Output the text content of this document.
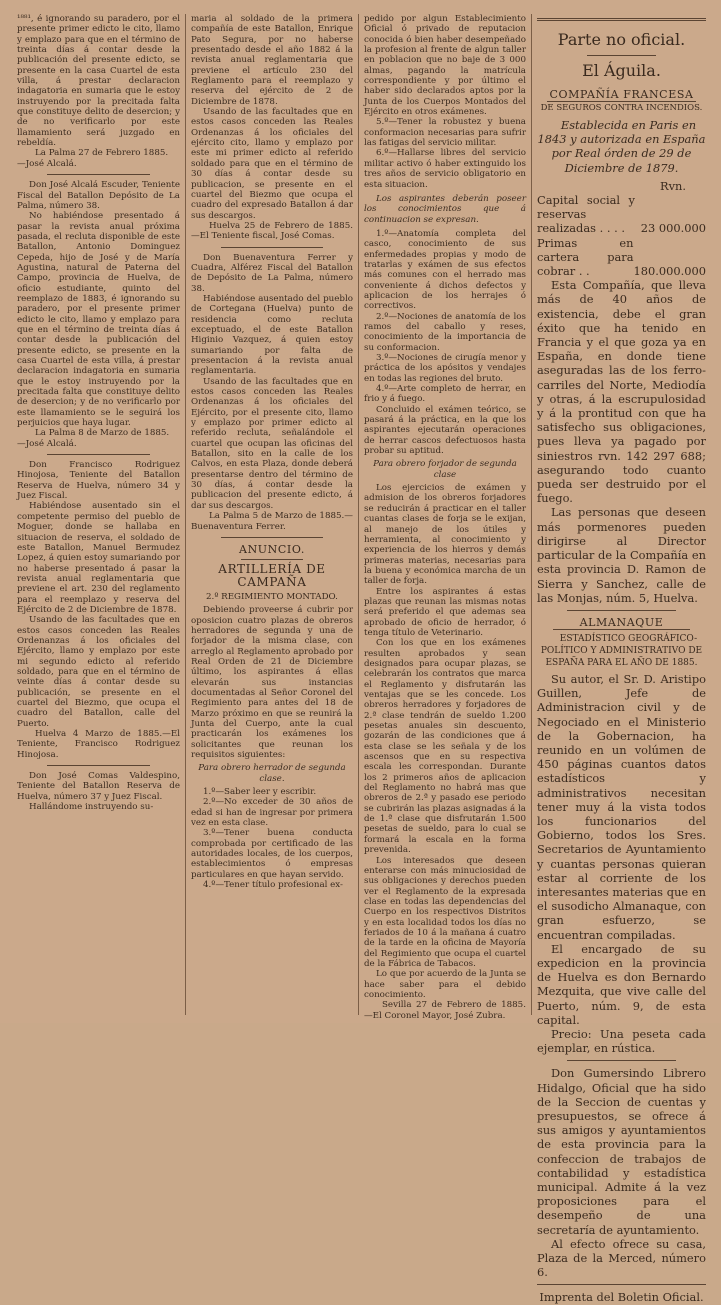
¹⁸⁸¹, é ignorando su paradero, por el presente primer edicto le cito, llamo y emplazo para que en el término de treinta días á contar desde la publicación del presente edicto, se presente en la casa Cuartel de esta villa, á prestar declaracion indagatoria en sumaria que le estoy instruyendo por la precitada falta que constituye delito de desercion; y de no verificarlo por este llamamiento será juzgado en rebeldía.

La Palma 27 de Febrero 1885.

—José Alcalá.

Don José Alcalá Escuder, Teniente Fiscal del Batallon Depósito de La Palma, número 38.

No habiéndose presentado á pasar la revista anual próxima pasada, el recluta disponible de este Batallon, Antonio Dominguez Cepeda, hijo de José y de María Agustina, natural de Paterna del Campo, provincia de Huelva, de oficio estudiante, quinto del reemplazo de 1883, é ignorando su paradero, por el presente primer edicto le cito, llamo y emplazo para que en el término de treinta días á contar desde la publicación del presente edicto, se presente en la casa Cuartel de esta villa, á prestar declaracion indagatoria en sumaria que le estoy instruyendo por la precitada falta que constituye delito de desercion; y de no verificarlo por este llamamiento se le seguirá los perjuicios que haya lugar.

La Palma 8 de Marzo de 1885.

—José Alcalá.

Don Francisco Rodriguez Hinojosa, Teniente del Batallon Reserva de Huelva, número 34 y Juez Fiscal.

Habiéndose ausentado sin el competente permiso del pueblo de Moguer, donde se hallaba en situacion de reserva, el soldado de este Batallon, Manuel Bermudez Lopez, á quien estoy sumariando por no haberse presentado á pasar la revista anual reglamentaria que previene el art. 230 del reglamento para el reemplazo y reserva del Ejército de 2 de Diciembre de 1878.

Usando de las facultades que en estos casos conceden las Reales Ordenanzas á los oficiales del Ejército, llamo y emplazo por este mi segundo edicto al referido soldado, para que en el término de veinte días á contar desde su publicación, se presente en el cuartel del Biezmo, que ocupa el cuadro del Batallon, calle del Puerto.

Huelva 4 Marzo de 1885.—El Teniente, Francisco Rodriguez Hinojosa.

Don José Comas Valdespino, Teniente del Batallon Reserva de Huelva, número 37 y Juez Fiscal.

Hallándome instruyendo su-

maria al soldado de la primera compañía de este Batallon, Enrique Pato Segura, por no haberse presentado desde el año 1882 á la revista anual reglamentaria que previene el artículo 230 del Reglamento para el reemplazo y reserva del ejército de 2 de Diciembre de 1878.

Usando de las facultades que en estos casos conceden las Reales Ordenanzas á los oficiales del ejército cito, llamo y emplazo por este mi primer edicto al referido soldado para que en el término de 30 días á contar desde su publicacion, se presente en el cuartel del Biezmo que ocupa el cuadro del expresado Batallon á dar sus descargos.

Huelva 25 de Febrero de 1885.—El Teniente fiscal, José Comas.

Don Buenaventura Ferrer y Cuadra, Alférez Fiscal del Batallon de Depósito de La Palma, número 38.

Habiéndose ausentado del pueblo de Cortegana (Huelva) punto de residencia como recluta exceptuado, el de este Batallon Higinio Vazquez, á quien estoy sumariando por falta de presentacion á la revista anual reglamentaria.

Usando de las facultades que en estos casos conceden las Reales Ordenanzas á los oficiales del Ejército, por el presente cito, llamo y emplazo por primer edicto al referido recluta, señalándole el cuartel que ocupan las oficinas del Batallon, sito en la calle de los Calvos, en esta Plaza, donde deberá presentarse dentro del término de 30 días, á contar desde la publicacion del presente edicto, á dar sus descargos.

La Palma 5 de Marzo de 1885.—Buenaventura Ferrer.

ANUNCIO.
ARTILLERÍA DE CAMPAÑA

2.º REGIMIENTO MONTADO.

Debiendo proveerse á cubrir por oposicion cuatro plazas de obreros herradores de segunda y una de forjador de la misma clase, con arreglo al Reglamento aprobado por Real Orden de 21 de Diciembre último, los aspirantes á ellas elevarán sus instancias documentadas al Señor Coronel del Regimiento para antes del 18 de Marzo próximo en que se reunirá la Junta del Cuerpo, ante la cual practicarán los exámenes los solicitantes que reunan los requisitos siguientes:

Para obrero herrador de segunda clase.

1.º—Saber leer y escribir.

2.º—No exceder de 30 años de edad si han de ingresar por primera vez en esta clase.

3.º—Tener buena conducta comprobada por certificado de las autoridades locales, de los cuerpos, establecimientos ó empresas particulares en que hayan servido.

4.º—Tener título profesional ex-

pedido por algun Establecimiento Oficial ó privado de reputacion conocida ó bien haber desempeñado la profesion al frente de algun taller en poblacion que no baje de 3 000 almas, pagando la matrícula correspondiente y por último el haber sido declarados aptos por la Junta de los Cuerpos Montados del Ejército en otros exámenes.

5.º—Tener la robustez y buena conformacion necesarias para sufrir las fatigas del servicio militar.

6.º—Hallarse libres del servicio militar activo ó haber extinguido los tres años de servicio obligatorio en esta situacion.

Los aspirantes deberán poseer los conocimientos que á continuacion se expresan.

1.º—Anatomía completa del casco, conocimiento de sus enfermedades propias y modo de tratarlas y exámen de sus efectos más comunes con el herrado mas conveniente á dichos defectos y aplicacion de los herrajes ó correctivos.

2.º—Nociones de anatomía de los ramos del caballo y reses, conocimiento de la importancia de su conformacion.

3.º—Nociones de cirugía menor y práctica de los apósitos y vendajes en todas las regiones del bruto.

4.º—Arte completo de herrar, en frio y á fuego.

Concluido el exámen teórico, se pasará á la práctica, en la que los aspirantes ejecutarán operaciones de herrar cascos defectuosos hasta probar su aptitud.

Para obrero forjador de segunda clase

Los ejercicios de exámen y admision de los obreros forjadores se reducirán á practicar en el taller cuantas clases de forja se le exijan, al manejo de los útiles y herramienta, al conocimiento y experiencia de los hierros y demás primeras materias, necesarias para la buena y económica marcha de un taller de forja.

Entre los aspirantes á estas plazas que reunan las mismas notas será preferido el que ademas sea aprobado de oficio de herrador, ó tenga título de Veterinario.

Con los que en los exámenes resulten aprobados y sean designados para ocupar plazas, se celebrarán los contratos que marca el Reglamento y disfrutarán las ventajas que se les concede. Los obreros herradores y forjadores de 2.ª clase tendrán de sueldo 1.200 pesetas anuales sin descuento, gozarán de las condiciones que á esta clase se les señala y de los ascensos que en su respectiva escala les correspondan. Durante los 2 primeros años de aplicacion del Reglamento no habrá mas que obreros de 2.ª y pasado ese periodo se cubrirán las plazas asignadas á la de 1.ª clase que disfrutarán 1.500 pesetas de sueldo, para lo cual se formará la escala en la forma prevenida.

Los interesados que deseen enterarse con más minuciosidad de sus obligaciones y derechos pueden ver el Reglamento de la expresada clase en todas las dependencias del Cuerpo en los respectivos Distritos y en esta localidad todos los días no feriados de 10 á la mañana á cuatro de la tarde en la oficina de Mayoría del Regimiento que ocupa el cuartel de la Fábrica de Tabacos.

Lo que por acuerdo de la Junta se hace saber para el debido conocimiento.

Sevilla 27 de Febrero de 1885.—El Coronel Mayor, José Zubra.

Parte no oficial.
El Águila.
COMPAÑÍA FRANCESA
DE SEGUROS CONTRA INCENDIOS.

Establecida en Paris en 1843 y autorizada en España por Real órden de 29 de Diciembre de 1879.

Rvn.
Capital social y reservas realizadas . . . .	23 000.000
Primas en cartera para cobrar . .	180.000.000

Esta Compañía, que lleva más de 40 años de existencia, debe el gran éxito que ha tenido en Francia y el que goza ya en España, en donde tiene aseguradas las de los ferro-carriles del Norte, Mediodía y otras, á la escrupulosidad y á la prontitud con que ha satisfecho sus obligaciones, pues lleva ya pagado por siniestros rvn. 142 297 688; asegurando todo cuanto pueda ser destruido por el fuego.

Las personas que deseen más pormenores pueden dirigirse al Director particular de la Compañía en esta provincia D. Ramon de Sierra y Sanchez, calle de las Monjas, núm. 5, Huelva.

ALMANAQUE

ESTADÍSTICO GEOGRÁFICO-POLÍTICO Y ADMINISTRATIVO DE ESPAÑA PARA EL AÑO DE 1885.

Su autor, el Sr. D. Aristipo Guillen, Jefe de Administracion civil y de Negociado en el Ministerio de la Gobernacion, ha reunido en un volúmen de 450 páginas cuantos datos estadísticos y administrativos necesitan tener muy á la vista todos los funcionarios del Gobierno, todos los Sres. Secretarios de Ayuntamiento y cuantas personas quieran estar al corriente de los interesantes materias que en el susodicho Almanaque, con gran esfuerzo, se encuentran compiladas.

El encargado de su expedicion en la provincia de Huelva es don Bernardo Mezquita, que vive calle del Puerto, núm. 9, de esta capital.

Precio: Una peseta cada ejemplar, en rústica.

Don Gumersindo Librero Hidalgo, Oficial que ha sido de la Seccion de cuentas y presupuestos, se ofrece á sus amigos y ayuntamientos de esta provincia para la confeccion de trabajos de contabilidad y estadística municipal. Admite á la vez proposiciones para el desempeño de una secretaría de ayuntamiento.

Al efecto ofrece su casa, Plaza de la Merced, número 6.

Imprenta del Boletin Oficial.
